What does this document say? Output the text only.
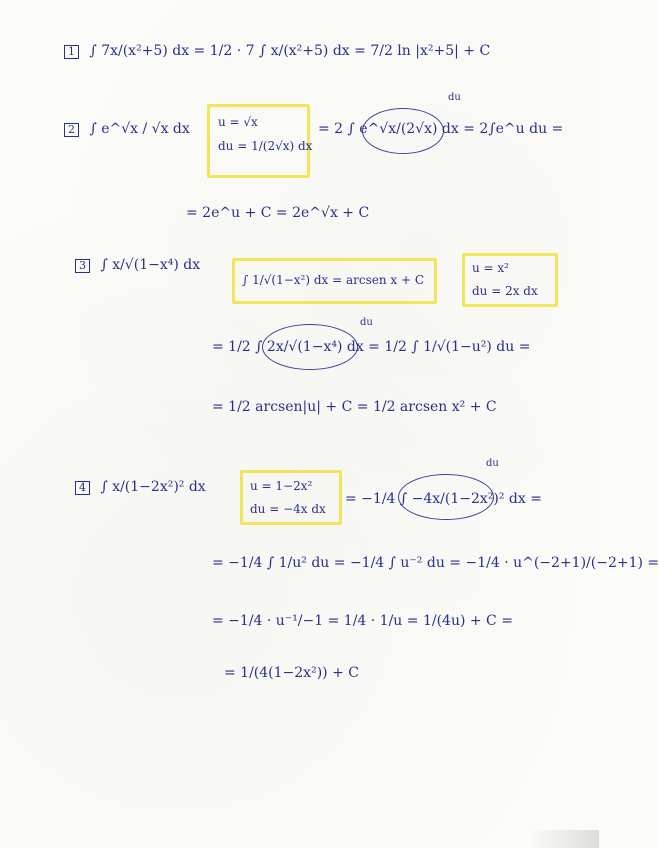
1 ∫ 7x/(x²+5) dx = 1/2 · 7 ∫ x/(x²+5) dx = 7/2 ln |x²+5| + C
2 ∫ e^√x / √x dx u = √x
du = 1/(2√x) dx
= 2 ∫ e^√x/(2√x) dx = 2∫e^u du =
du
= 2e^u + C = 2e^√x + C
3 ∫ x/√(1−x⁴) dx
∫ 1/√(1−x²) dx = arcsen x + C
u = x²
du = 2x dx
= 1/2 ∫ 2x/√(1−x⁴) dx = 1/2 ∫ 1/√(1−u²) du =
du
= 1/2 arcsen|u| + C = 1/2 arcsen x² + C
4 ∫ x/(1−2x²)² dx	u = 1−2x²
du = −4x dx
= −1/4 ∫ −4x/(1−2x²)² dx =
du
= −1/4 ∫ 1/u² du = −1/4 ∫ u⁻² du = −1/4 · u^(−2+1)/(−2+1) =
= −1/4 · u⁻¹/−1 = 1/4 · 1/u = 1/(4u) + C =
= 1/(4(1−2x²)) + C
